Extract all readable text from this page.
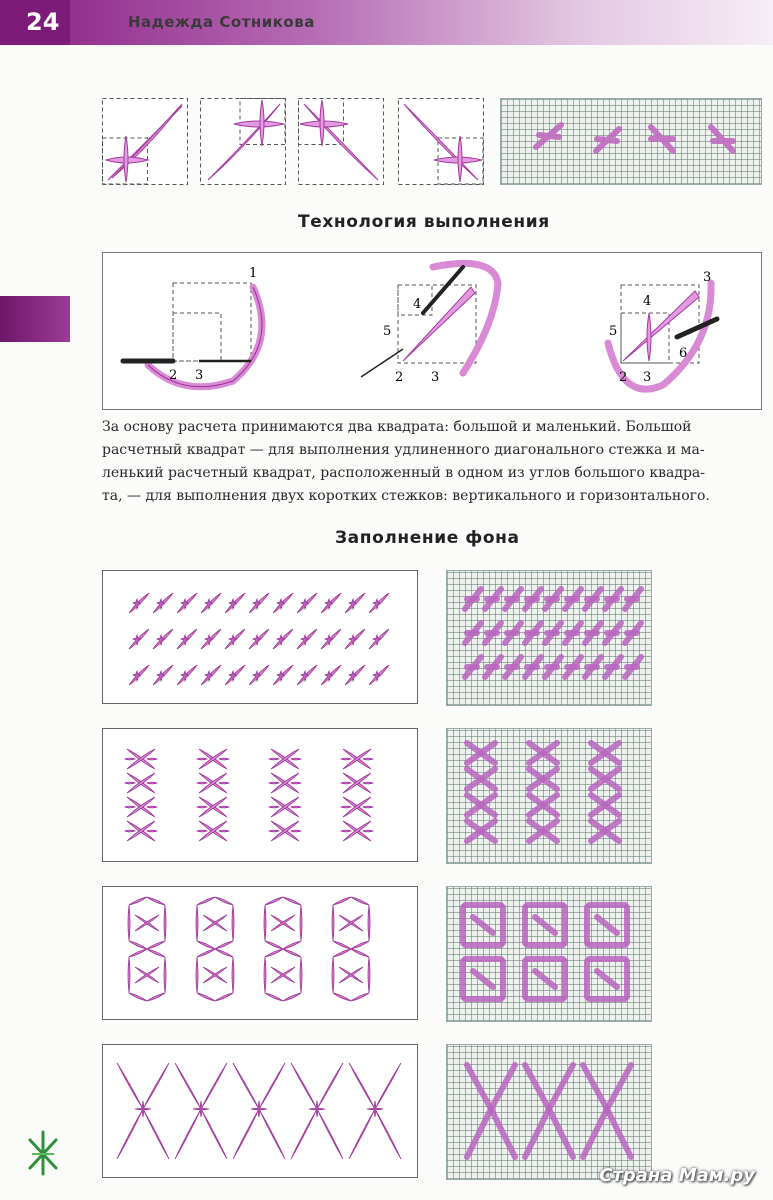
24	Надежда Сотникова
Технология выполнения
1
2 3
4
5
2 3
3
4
5
6
2 3
За основу расчета принимаются два квадрата: большой и маленький. Большой
расчетный квадрат — для выполнения удлиненного диагонального стежка и ма-
ленький расчетный квадрат, расположенный в одном из углов большого квадра-
та, — для выполнения двух коротких стежков: вертикального и горизонтального.
Заполнение фона
Страна Мам.ру
